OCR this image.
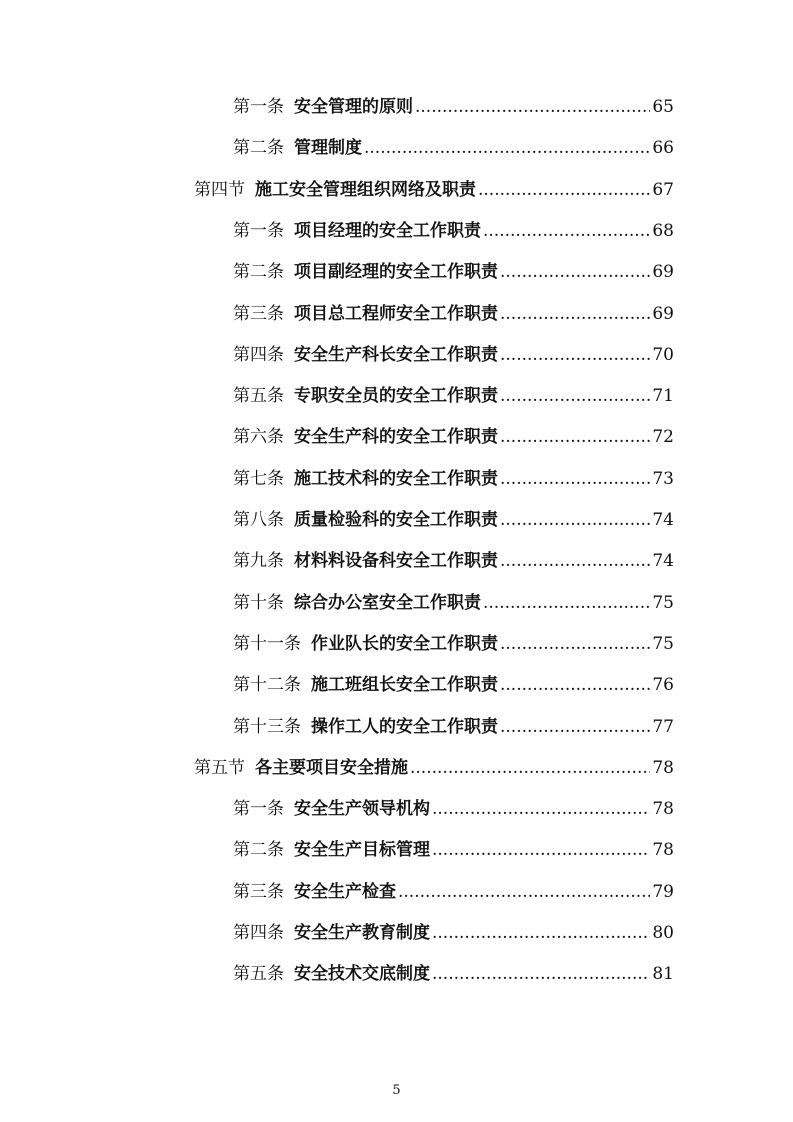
第一条 安全管理的原则 .....	65
第二条 管理制度 .....	66
第四节 施工安全管理组织网络及职责 .....	67
第一条 项目经理的安全工作职责 .....	68
第二条 项目副经理的安全工作职责 .....	69
第三条 项目总工程师安全工作职责 .....	69
第四条 安全生产科长安全工作职责 .....	70
第五条 专职安全员的安全工作职责 .....	71
第六条 安全生产科的安全工作职责 .....	72
第七条 施工技术科的安全工作职责 .....	73
第八条 质量检验科的安全工作职责 .....	74
第九条 材料料设备科安全工作职责 .....	74
第十条 综合办公室安全工作职责 .....	75
第十一条 作业队长的安全工作职责 .....	75
第十二条 施工班组长安全工作职责 .....	76
第十三条 操作工人的安全工作职责 .....	77
第五节 各主要项目安全措施 .....	78
第一条 安全生产领导机构 .....	78
第二条 安全生产目标管理 .....	78
第三条 安全生产检查 .....	79
第四条 安全生产教育制度 .....	80
第五条 安全技术交底制度 .....	81
5
